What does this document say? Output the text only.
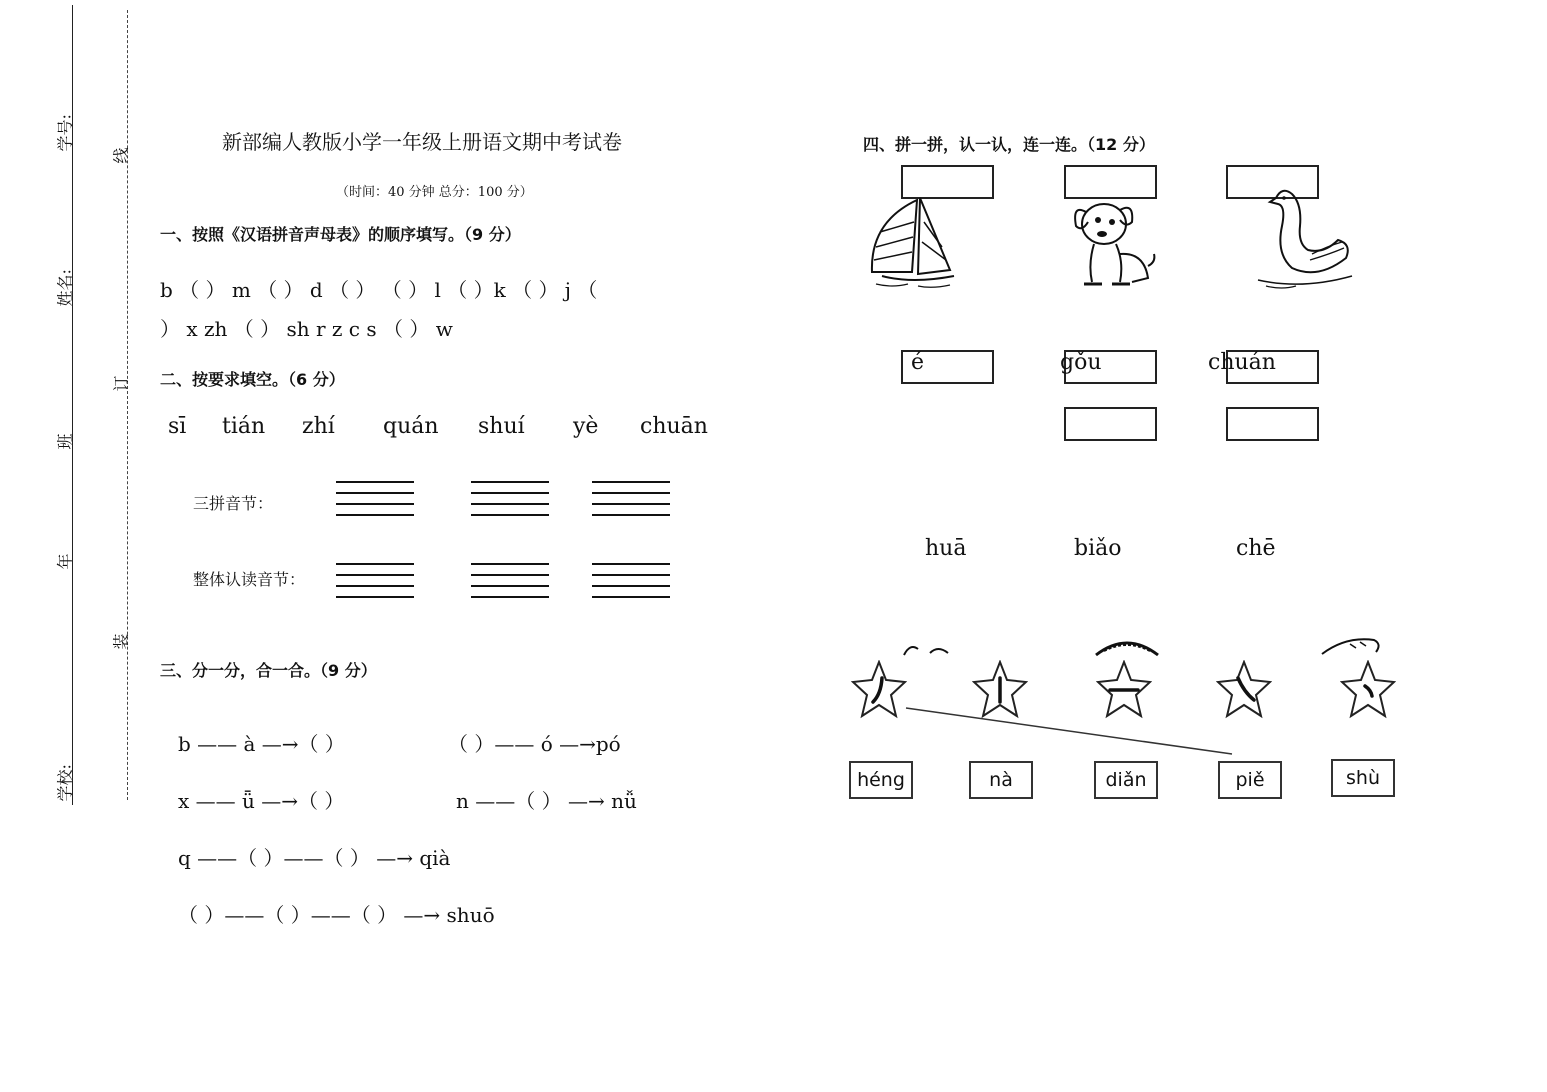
学号:
姓名:
班
年
学校:
线
订
装
新部编人教版小学一年级上册语文期中考试卷
（时间：40 分钟 总分：100 分）
一、按照《汉语拼音声母表》的顺序填写。（9 分）
b （ ） m （ ） d （ ） （ ） l （ ）k （ ） j （
） x zh （ ） sh r z c s （ ） w
二、按要求填空。（6 分）
sī tián zhí quán shuí yè chuān
三拼音节：
整体认读音节：
三、分一分，合一合。（9 分）
b —— à —→（ ）	（ ）—— ó —→pó
x —— ǖ —→（ ）	n ——（ ） —→ nǚ
q ——（ ）——（ ） —→ qià
（ ）——（ ）——（ ） —→ shuō
四、拼一拼，认一认，连一连。（12 分）
é	gǒu	chuán
huā	biǎo	chē
héng	nà	diǎn	piě	shù
